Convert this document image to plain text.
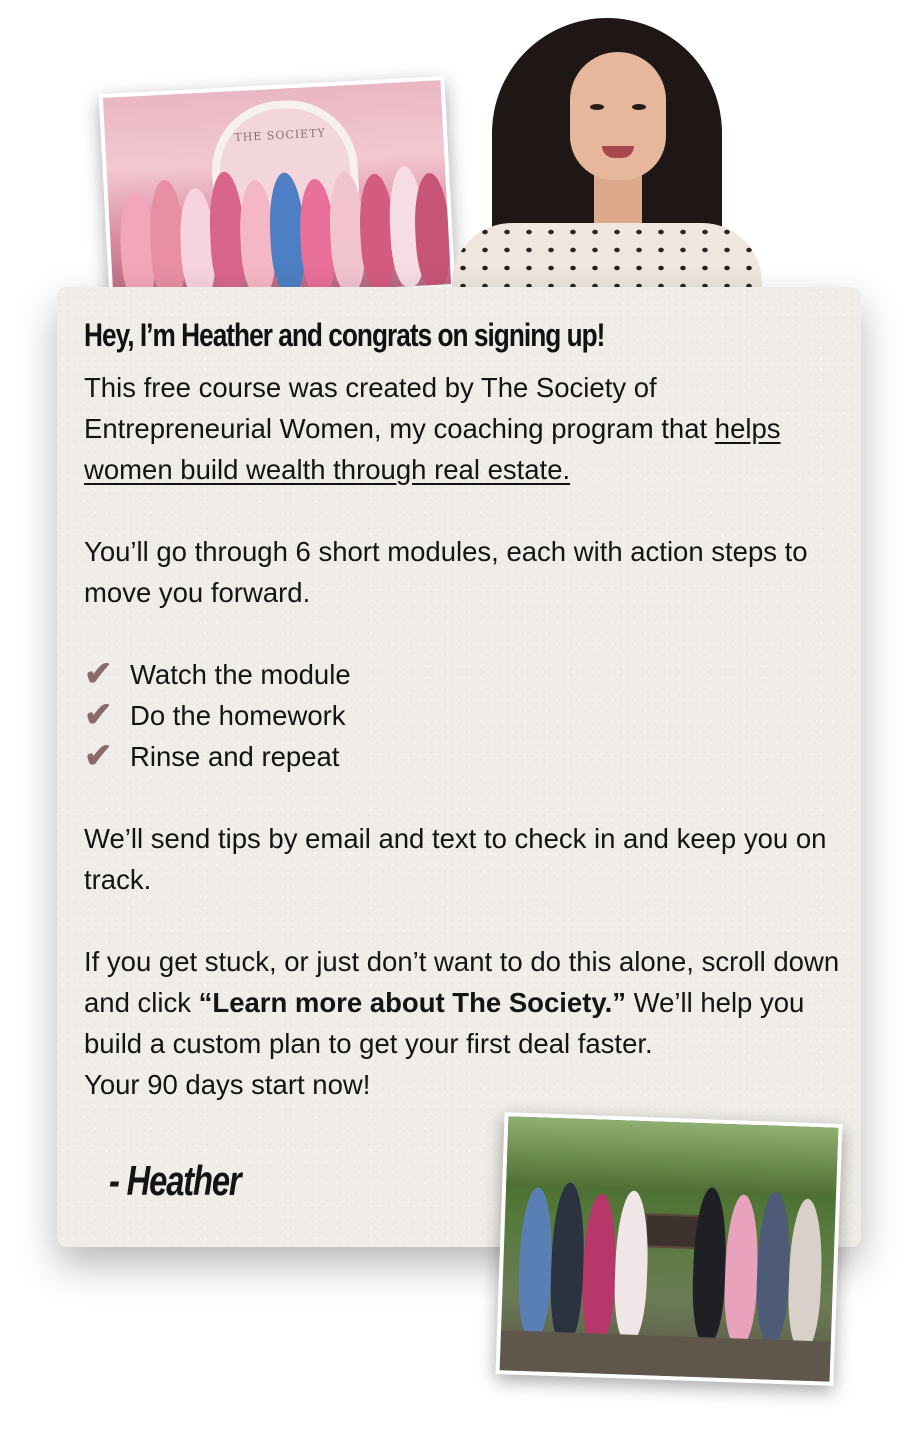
THE SOCIETY
Hey, I’m Heather and congrats on signing up!

This free course was created by The Society of Entrepreneurial Women, my coaching program that helps women build wealth through real estate.

You’ll go through 6 short modules, each with action steps to move you forward.

✔ Watch the module
✔ Do the homework
✔ Rinse and repeat

We’ll send tips by email and text to check in and keep you on track.

If you get stuck, or just don’t want to do this alone, scroll down and click “Learn more about The Society.” We’ll help you build a custom plan to get your first deal faster.

Your 90 days start now!

- Heather
